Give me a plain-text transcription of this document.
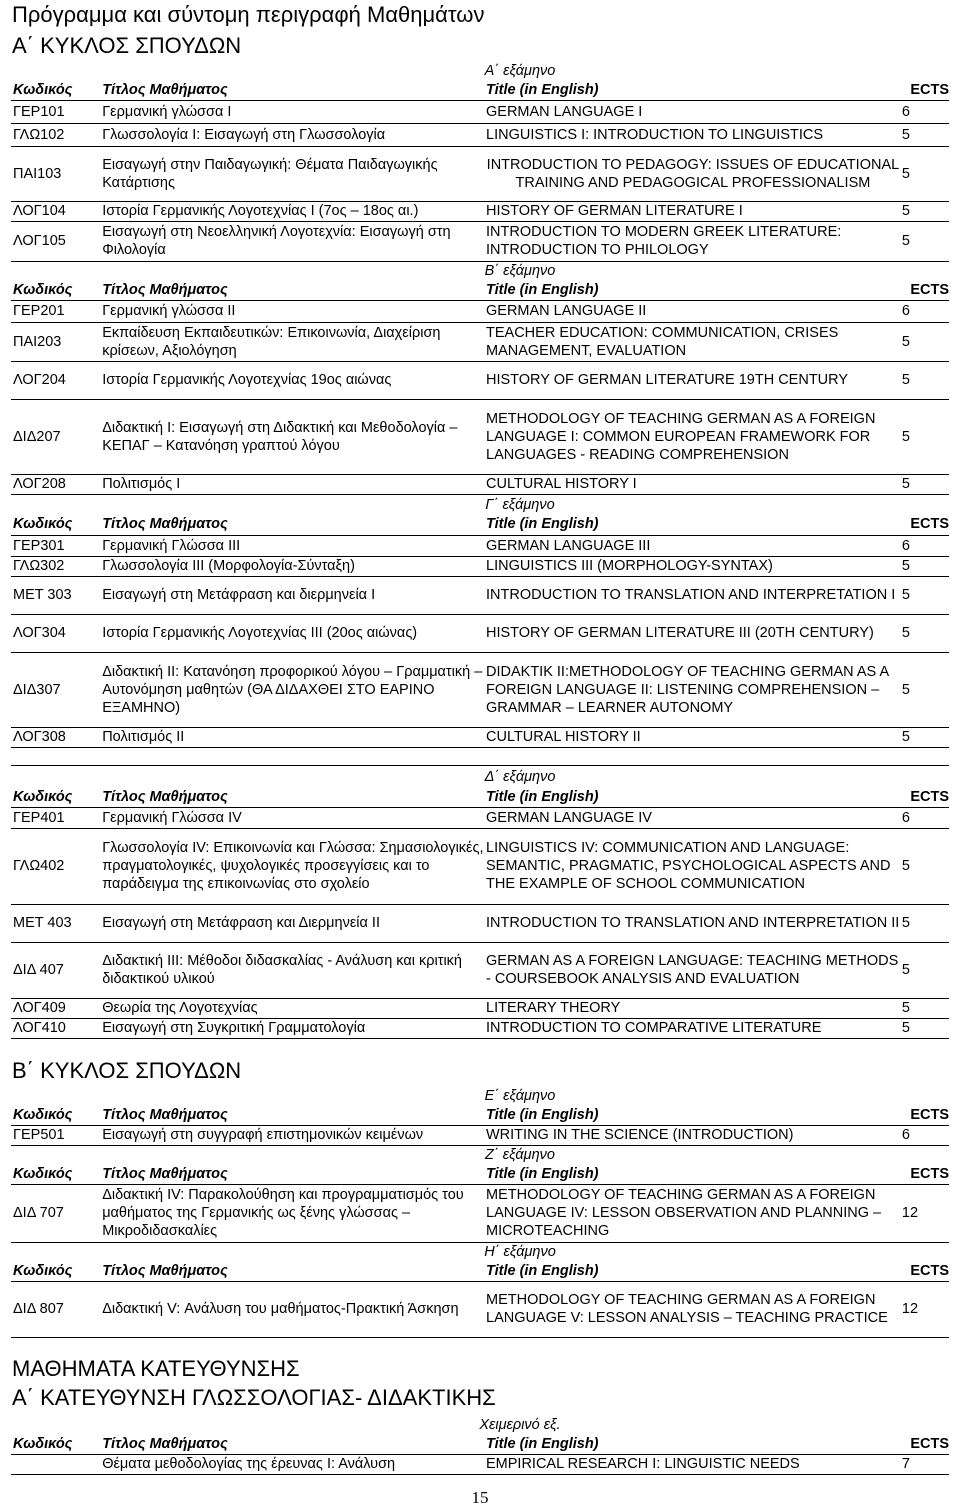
Πρόγραμμα και σύντομη περιγραφή Μαθημάτων
Α΄ ΚΥΚΛΟΣ ΣΠΟΥΔΩΝ
Α΄ εξάμηνο
Κωδικός	Τίτλος Μαθήματος	Title (in English)	ECTS
ΓΕΡ101	Γερμανική γλώσσα Ι	GERMAN LANGUAGE I	6
ΓΛΩ102	Γλωσσολογία Ι: Εισαγωγή στη Γλωσσολογία	LINGUISTICS I: INTRODUCTION TO LINGUISTICS	5
ΠΑΙ103	Εισαγωγή στην Παιδαγωγική: Θέματα Παιδαγωγικής Κατάρτισης	INTRODUCTION TO PEDAGOGY: ISSUES OF EDUCATIONAL TRAINING AND PEDAGOGICAL PROFESSIONALISM	5
ΛΟΓ104	Ιστορία Γερμανικής Λογοτεχνίας Ι (7ος – 18ος αι.)	HISTORY OF GERMAN LITERATURE I	5
ΛΟΓ105	Εισαγωγή στη Νεοελληνική Λογοτεχνία: Εισαγωγή στη Φιλολογία	INTRODUCTION TO MODERN GREEK LITERATURE: INTRODUCTION TO PHILOLOGY	5
Β΄ εξάμηνο
Κωδικός	Τίτλος Μαθήματος	Title (in English)	ECTS
ΓΕΡ201	Γερμανική γλώσσα ΙΙ	GERMAN LANGUAGE II	6
ΠΑΙ203	Εκπαίδευση Εκπαιδευτικών: Επικοινωνία, Διαχείριση κρίσεων, Αξιολόγηση	TEACHER EDUCATION: COMMUNICATION, CRISES MANAGEMENT, EVALUATION	5
ΛΟΓ204	Ιστορία Γερμανικής Λογοτεχνίας 19ος αιώνας	HISTORY OF GERMAN LITERATURE 19TH CENTURY	5
ΔΙΔ207	Διδακτική Ι: Εισαγωγή στη Διδακτική και Μεθοδολογία – ΚΕΠΑΓ – Κατανόηση γραπτού λόγου	METHODOLOGY OF TEACHING GERMAN AS A FOREIGN LANGUAGE I: COMMON EUROPEAN FRAMEWORK FOR LANGUAGES - READING COMPREHENSION	5
ΛΟΓ208	Πολιτισμός Ι	CULTURAL HISTORY I	5
Γ΄ εξάμηνο
Κωδικός	Τίτλος Μαθήματος	Title (in English)	ECTS
ΓΕΡ301	Γερμανική Γλώσσα ΙΙΙ	GERMAN LANGUAGE III	6
ΓΛΩ302	Γλωσσολογία ΙΙΙ (Μορφολογία-Σύνταξη)	LINGUISTICS III (MORPHOLOGY-SYNTAX)	5
ΜΕΤ 303	Εισαγωγή στη Μετάφραση και διερμηνεία Ι	INTRODUCTION TO TRANSLATION AND INTERPRETATION I	5
ΛΟΓ304	Ιστορία Γερμανικής Λογοτεχνίας ΙΙΙ (20ος αιώνας)	HISTORY OF GERMAN LITERATURE III (20TH CENTURY)	5
ΔΙΔ307	Διδακτική ΙΙ: Κατανόηση προφορικού λόγου – Γραμματική – Αυτονόμηση μαθητών (ΘΑ ΔΙΔΑΧΘΕΙ ΣΤΟ ΕΑΡΙΝΟ ΕΞΑΜΗΝΟ)	DIDAKTIK II:METHODOLOGY OF TEACHING GERMAN AS A FOREIGN LANGUAGE II: LISTENING COMPREHENSION – GRAMMAR – LEARNER AUTONOMY	5
ΛΟΓ308	Πολιτισμός ΙΙ	CULTURAL HISTORY II	5
Δ΄ εξάμηνο
Κωδικός	Τίτλος Μαθήματος	Title (in English)	ECTS
ΓΕΡ401	Γερμανική Γλώσσα IV	GERMAN LANGUAGE IV	6
ΓΛΩ402	Γλωσσολογία IV: Επικοινωνία και Γλώσσα: Σημασιολογικές, πραγματολογικές, ψυχολογικές προσεγγίσεις και το παράδειγμα της επικοινωνίας στο σχολείο	LINGUISTICS IV: COMMUNICATION AND LANGUAGE: SEMANTIC, PRAGMATIC, PSYCHOLOGICAL ASPECTS AND THE EXAMPLE OF SCHOOL COMMUNICATION	5
ΜΕΤ 403	Εισαγωγή στη Μετάφραση και Διερμηνεία ΙΙ	INTRODUCTION TO TRANSLATION AND INTERPRETATION II	5
ΔΙΔ 407	Διδακτική ΙΙΙ: Μέθοδοι διδασκαλίας - Ανάλυση και κριτική διδακτικού υλικού	GERMAN AS A FOREIGN LANGUAGE: TEACHING METHODS - COURSEBOOK ANALYSIS AND EVALUATION	5
ΛΟΓ409	Θεωρία της Λογοτεχνίας	LITERARY THEORY	5
ΛΟΓ410	Εισαγωγή στη Συγκριτική Γραμματολογία	INTRODUCTION TO COMPARATIVE LITERATURE	5
Β΄ ΚΥΚΛΟΣ ΣΠΟΥΔΩΝ
Ε΄ εξάμηνο
Κωδικός	Τίτλος Μαθήματος	Title (in English)	ECTS
ΓΕΡ501	Εισαγωγή στη συγγραφή επιστημονικών κειμένων	WRITING IN THE SCIENCE (INTRODUCTION)	6
Ζ΄ εξάμηνο
Κωδικός	Τίτλος Μαθήματος	Title (in English)	ECTS
ΔΙΔ 707	Διδακτική IV: Παρακολούθηση και προγραμματισμός του μαθήματος της Γερμανικής ως ξένης γλώσσας – Μικροδιδασκαλίες	METHODOLOGY OF TEACHING GERMAN AS A FOREIGN LANGUAGE IV: LESSON OBSERVATION AND PLANNING – MICROTEACHING	12
Η΄ εξάμηνο
Κωδικός	Τίτλος Μαθήματος	Title (in English)	ECTS
ΔΙΔ 807	Διδακτική V: Ανάλυση του μαθήματος-Πρακτική Άσκηση	METHODOLOGY OF TEACHING GERMAN AS A FOREIGN LANGUAGE V: LESSON ANALYSIS – TEACHING PRACTICE	12
ΜΑΘΗΜΑΤΑ ΚΑΤΕΥΘΥΝΣΗΣ
Α΄ ΚΑΤΕΥΘΥΝΣΗ ΓΛΩΣΣΟΛΟΓΙΑΣ- ΔΙΔΑΚΤΙΚΗΣ
Χειμερινό εξ.
Κωδικός	Τίτλος Μαθήματος	Title (in English)	ECTS
	Θέματα μεθοδολογίας της έρευνας Ι: Ανάλυση	EMPIRICAL RESEARCH I: LINGUISTIC NEEDS	7
15
